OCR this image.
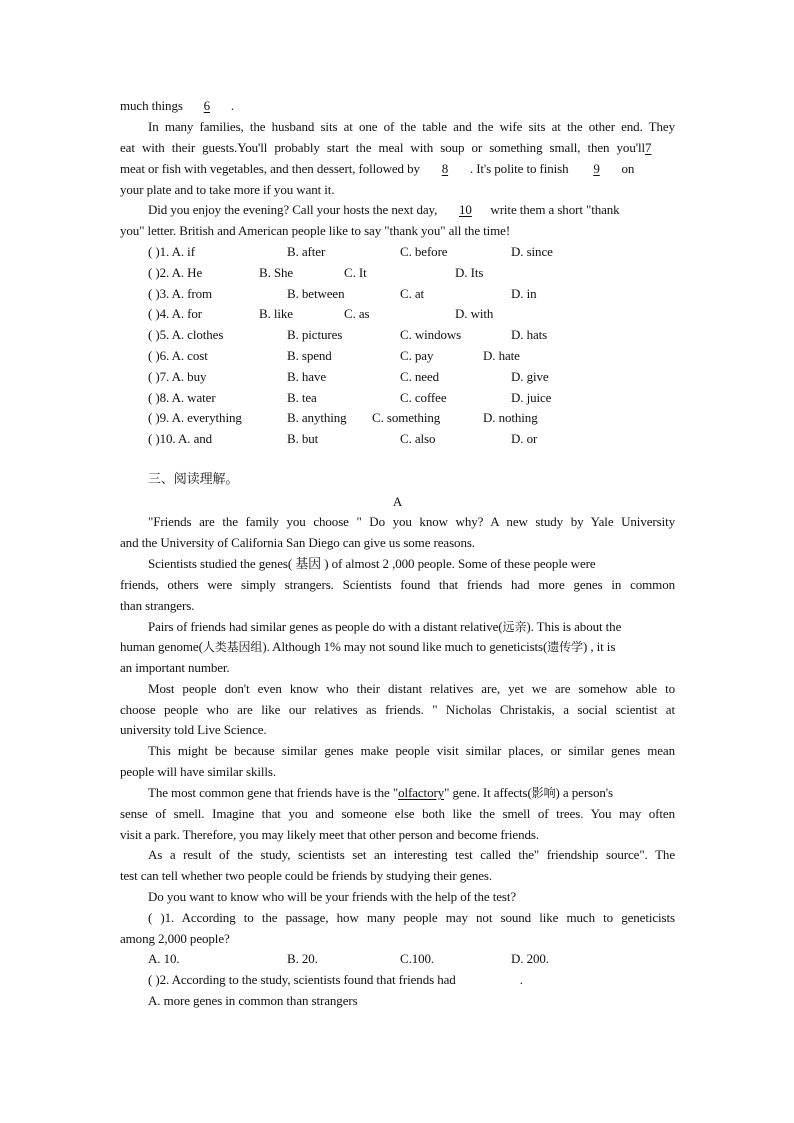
much things 6 .
In many families, the husband sits at one of the table and the wife sits at the other end. They
eat with their guests.You'll probably start the meal with soup or something small, then you'll7
meat or fish with vegetables, and then dessert, followed by 8 . It's polite to finish 9 on
your plate and to take more if you want it.
Did you enjoy the evening? Call your hosts the next day, 10 write them a short "thank
you" letter. British and American people like to say "thank you" all the time!
( )1. A. if	B. after	C. before	D. since
( )2. A. He	B. She	C. It	D. Its
( )3. A. from	B. between	C. at	D. in
( )4. A. for	B. like	C. as	D. with
( )5. A. clothes	B. pictures	C. windows	D. hats
( )6. A. cost	B. spend	C. pay	D. hate
( )7. A. buy	B. have	C. need	D. give
( )8. A. water	B. tea	C. coffee	D. juice
( )9. A. everything	B. anything C. something	D. nothing
( )10. A. and	B. but	C. also	D. or
三、阅读理解。
A
"Friends are the family you choose " Do you know why? A new study by Yale University
and the University of California San Diego can give us some reasons.
Scientists studied the genes( 基因 ) of almost 2 ,000 people. Some of these people were
friends, others were simply strangers. Scientists found that friends had more genes in common
than strangers.
Pairs of friends had similar genes as people do with a distant relative(远亲). This is about the
human genome(人类基因组). Although 1% may not sound like much to geneticists(遗传学) , it is
an important number.
Most people don't even know who their distant relatives are, yet we are somehow able to
choose people who are like our relatives as friends. " Nicholas Christakis, a social scientist at
university told Live Science.
This might be because similar genes make people visit similar places, or similar genes mean
people will have similar skills.
The most common gene that friends have is the "olfactory" gene. It affects(影响) a person's
sense of smell. Imagine that you and someone else both like the smell of trees. You may often
visit a park. Therefore, you may likely meet that other person and become friends.
As a result of the study, scientists set an interesting test called the" friendship source". The
test can tell whether two people could be friends by studying their genes.
Do you want to know who will be your friends with the help of the test?
( )1. According to the passage, how many people may not sound like much to geneticists
among 2,000 people?
A. 10.	B. 20.	C.100.	D. 200.
( )2. According to the study, scientists found that friends had	.
A. more genes in common than strangers
